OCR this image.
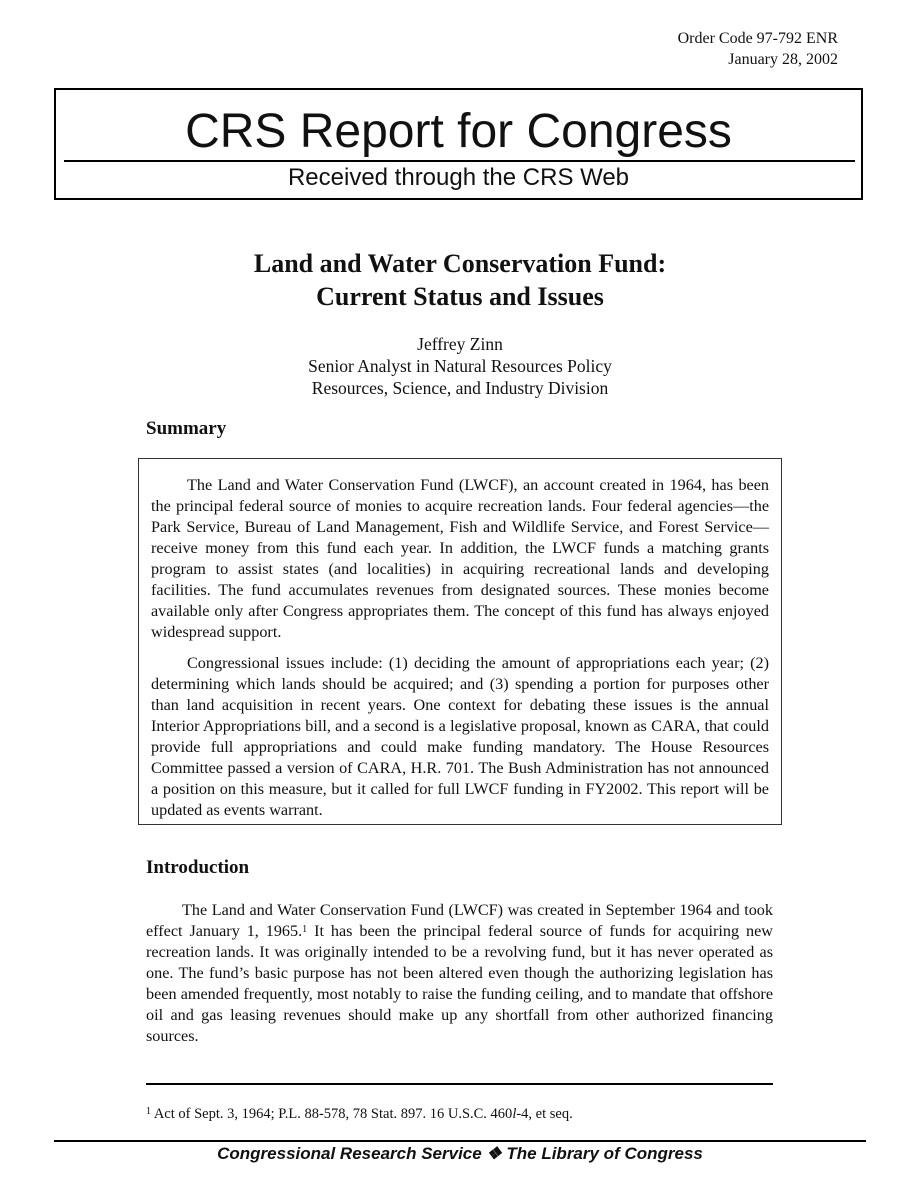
Order Code 97-792 ENR
January 28, 2002
CRS Report for Congress
Received through the CRS Web
Land and Water Conservation Fund:
Current Status and Issues
Jeffrey Zinn
Senior Analyst in Natural Resources Policy
Resources, Science, and Industry Division
Summary

The Land and Water Conservation Fund (LWCF), an account created in 1964, has been the principal federal source of monies to acquire recreation lands. Four federal agencies—the Park Service, Bureau of Land Management, Fish and Wildlife Service, and Forest Service—receive money from this fund each year. In addition, the LWCF funds a matching grants program to assist states (and localities) in acquiring recreational lands and developing facilities. The fund accumulates revenues from designated sources. These monies become available only after Congress appropriates them. The concept of this fund has always enjoyed widespread support.

Congressional issues include: (1) deciding the amount of appropriations each year; (2) determining which lands should be acquired; and (3) spending a portion for purposes other than land acquisition in recent years. One context for debating these issues is the annual Interior Appropriations bill, and a second is a legislative proposal, known as CARA, that could provide full appropriations and could make funding mandatory. The House Resources Committee passed a version of CARA, H.R. 701. The Bush Administration has not announced a position on this measure, but it called for full LWCF funding in FY2002. This report will be updated as events warrant.

Introduction

The Land and Water Conservation Fund (LWCF) was created in September 1964 and took effect January 1, 1965.$^1$ It has been the principal federal source of funds for acquiring new recreation lands. It was originally intended to be a revolving fund, but it has never operated as one. The fund’s basic purpose has not been altered even though the authorizing legislation has been amended frequently, most notably to raise the funding ceiling, and to mandate that offshore oil and gas leasing revenues should make up any shortfall from other authorized financing sources.

$^1$ Act of Sept. 3, 1964; P.L. 88-578, 78 Stat. 897. 16 U.S.C. 460l-4, et seq.
Congressional Research Service ❖ The Library of Congress
